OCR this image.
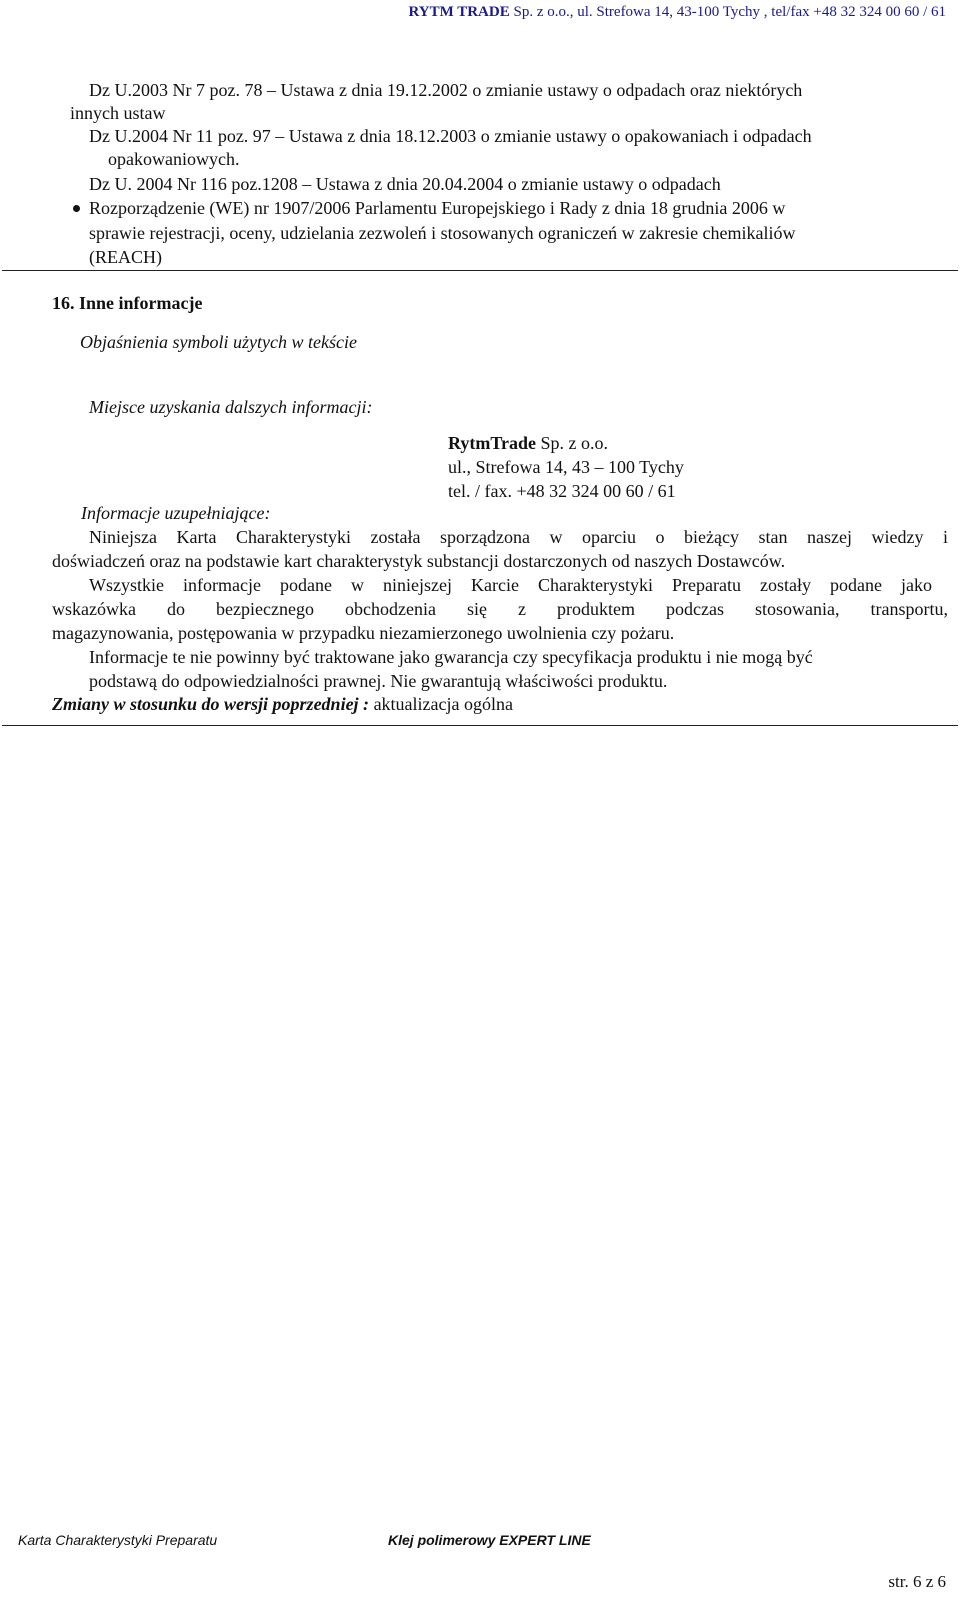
RYTM TRADE Sp. z o.o., ul. Strefowa 14, 43-100 Tychy , tel/fax +48 32 324 00 60 / 61
Dz U.2003 Nr 7 poz. 78 – Ustawa z dnia 19.12.2002 o zmianie ustawy o odpadach oraz niektórych
innych ustaw
Dz U.2004 Nr 11 poz. 97 – Ustawa z dnia 18.12.2003 o zmianie ustawy o opakowaniach i odpadach
opakowaniowych.
Dz U. 2004 Nr 116 poz.1208 – Ustawa z dnia 20.04.2004 o zmianie ustawy o odpadach
Rozporządzenie (WE) nr 1907/2006 Parlamentu Europejskiego i Rady z dnia 18 grudnia 2006 w
sprawie rejestracji, oceny, udzielania zezwoleń i stosowanych ograniczeń w zakresie chemikaliów
(REACH)
16. Inne informacje
Objaśnienia symboli użytych w tekście
Miejsce uzyskania dalszych informacji:
RytmTrade Sp. z o.o.
ul., Strefowa 14, 43 – 100 Tychy
tel. / fax. +48 32 324 00 60 / 61
Informacje uzupełniające:
Niniejsza Karta Charakterystyki została sporządzona w oparciu o bieżący stan naszej wiedzy i
doświadczeń oraz na podstawie kart charakterystyk substancji dostarczonych od naszych Dostawców.
Wszystkie informacje podane w niniejszej Karcie Charakterystyki Preparatu zostały podane jako
wskazówka do bezpiecznego obchodzenia się z produktem podczas stosowania, transportu,
magazynowania, postępowania w przypadku niezamierzonego uwolnienia czy pożaru.
Informacje te nie powinny być traktowane jako gwarancja czy specyfikacja produktu i nie mogą być
podstawą do odpowiedzialności prawnej. Nie gwarantują właściwości produktu.
Zmiany w stosunku do wersji poprzedniej : aktualizacja ogólna
Karta Charakterystyki Preparatu	Klej polimerowy EXPERT LINE
str. 6 z 6
